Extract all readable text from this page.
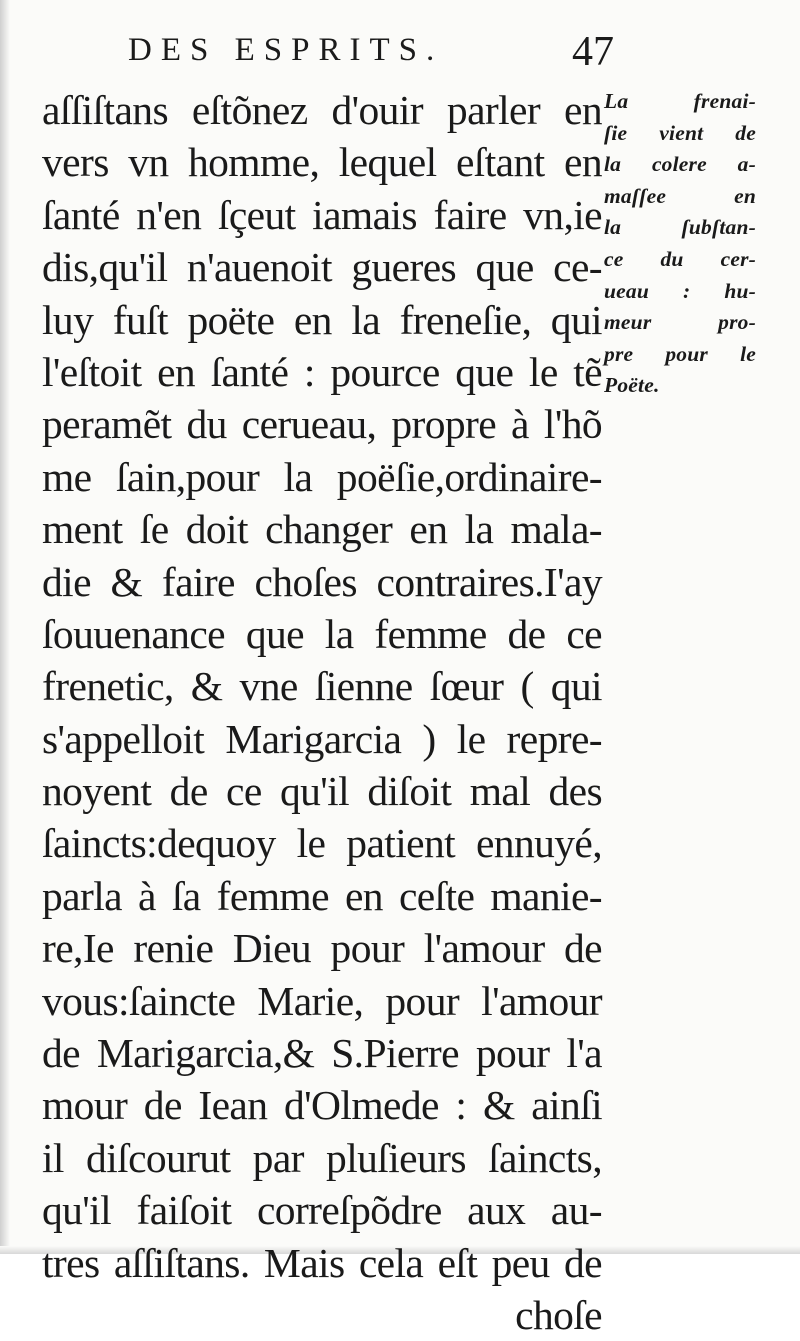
DES ESPRITS.	47
aſſiſtans eſtõnez d'ouir parler en
vers vn homme, lequel eſtant en
ſanté n'en ſçeut iamais faire vn,ie
dis,qu'il n'auenoit gueres que ce-
luy fuſt poëte en la freneſie, qui
l'eſtoit en ſanté : pource que le tẽ
peramẽt du cerueau, propre à l'hõ
me ſain,pour la poëſie,ordinaire-
ment ſe doit changer en la mala-
die & faire choſes contraires.I'ay
ſouuenance que la femme de ce
frenetic, & vne ſienne ſœur ( qui
s'appelloit Marigarcia ) le repre-
noyent de ce qu'il diſoit mal des
ſaincts:dequoy le patient ennuyé,
parla à ſa femme en ceſte manie-
re,Ie renie Dieu pour l'amour de
vous:ſaincte Marie, pour l'amour
de Marigarcia,& S.Pierre pour l'a
mour de Iean d'Olmede : & ainſi
il diſcourut par pluſieurs ſaincts,
qu'il faiſoit correſpõdre aux au-
tres aſſiſtans. Mais cela eſt peu de
choſe
La frenai-
ſie vient de
la colere a-
maſſee en
la ſubſtan-
ce du cer-
ueau : hu-
meur pro-
pre pour le
Poëte.
